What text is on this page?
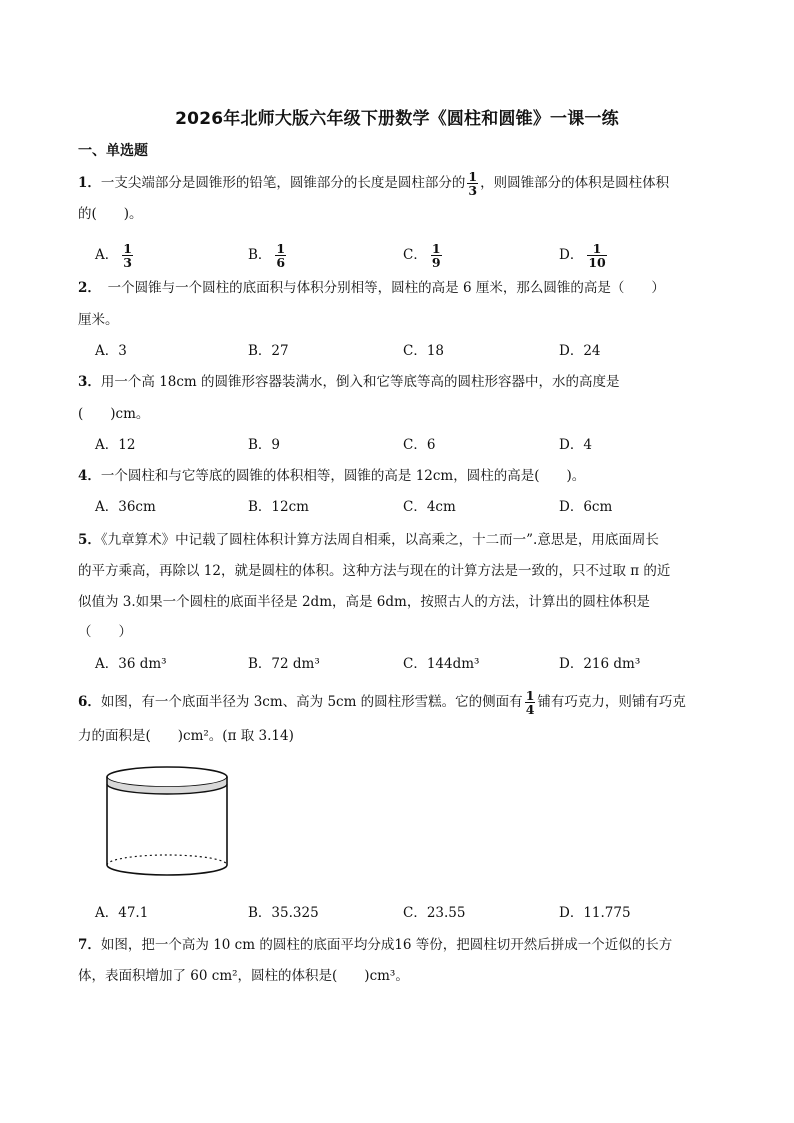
2026年北师大版六年级下册数学《圆柱和圆锥》一课一练
一、单选题
1．一支尖端部分是圆锥形的铅笔，圆锥部分的长度是圆柱部分的 $\frac{1}{3}$ ，则圆锥部分的体积是圆柱体积
的(　　)。
A． $\frac{1}{3}$	B． $\frac{1}{6}$	C． $\frac{1}{9}$	D． $\frac{1}{10}$
2．　一个圆锥与一个圆柱的底面积与体积分别相等，圆柱的高是 6 厘米，那么圆锥的高是（　　）
厘米。
A．3	B．27	C．18	D．24
3．用一个高 18cm 的圆锥形容器装满水，倒入和它等底等高的圆柱形容器中，水的高度是
(　　)cm。
A．12	B．9	C．6	D．4
4．一个圆柱和与它等底的圆锥的体积相等，圆锥的高是 12cm，圆柱的高是(　　)。
A．36cm	B．12cm	C．4cm	D．6cm
5．《九章算术》中记载了圆柱体积计算方法周自相乘，以高乘之，十二而一”.意思是，用底面周长
的平方乘高，再除以 12，就是圆柱的体积。这种方法与现在的计算方法是一致的，只不过取 π 的近
似值为 3.如果一个圆柱的底面半径是 2dm，高是 6dm，按照古人的方法，计算出的圆柱体积是
（　　）
A．36 dm³	B．72 dm³	C．144dm³	D．216 dm³
6．如图，有一个底面半径为 3cm、高为 5cm 的圆柱形雪糕。它的侧面有 $\frac{1}{4}$ 铺有巧克力，则铺有巧克
力的面积是(　　)cm²。(π 取 3.14)
A．47.1	B．35.325	C．23.55	D．11.775
7．如图，把一个高为 10 cm 的圆柱的底面平均分成16 等份，把圆柱切开然后拼成一个近似的长方
体，表面积增加了 60 cm²，圆柱的体积是(　　)cm³。
